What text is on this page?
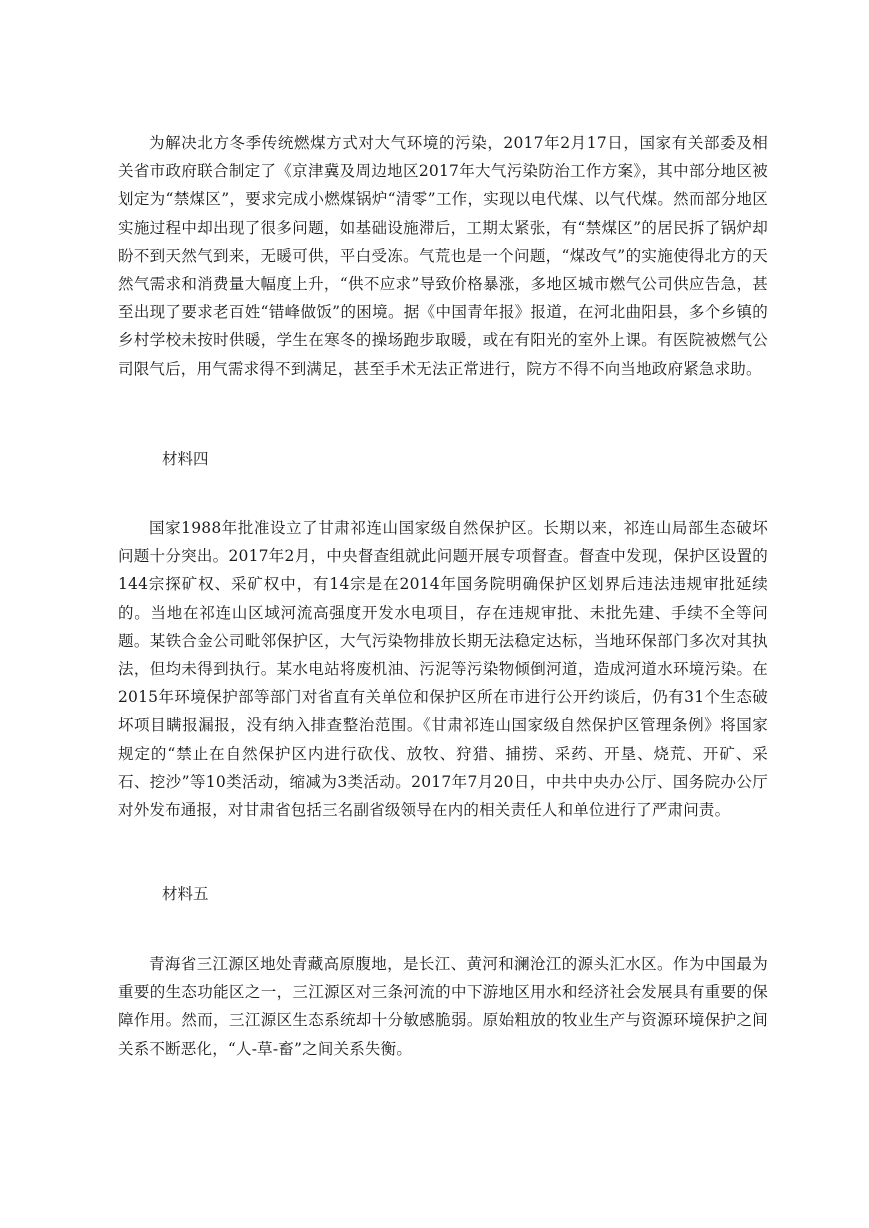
为解决北方冬季传统燃煤方式对大气环境的污染，2017年2月17日，国家有关部委及相关省市政府联合制定了《京津冀及周边地区2017年大气污染防治工作方案》，其中部分地区被划定为“禁煤区”，要求完成小燃煤锅炉“清零”工作，实现以电代煤、以气代煤。然而部分地区实施过程中却出现了很多问题，如基础设施滞后，工期太紧张，有“禁煤区”的居民拆了锅炉却盼不到天然气到来，无暖可供，平白受冻。气荒也是一个问题，“煤改气”的实施使得北方的天然气需求和消费量大幅度上升，“供不应求”导致价格暴涨，多地区城市燃气公司供应告急，甚至出现了要求老百姓“错峰做饭”的困境。据《中国青年报》报道，在河北曲阳县，多个乡镇的乡村学校未按时供暖，学生在寒冬的操场跑步取暖，或在有阳光的室外上课。有医院被燃气公司限气后，用气需求得不到满足，甚至手术无法正常进行，院方不得不向当地政府紧急求助。

材料四

国家1988年批准设立了甘肃祁连山国家级自然保护区。长期以来，祁连山局部生态破坏问题十分突出。2017年2月，中央督查组就此问题开展专项督查。督查中发现，保护区设置的144宗探矿权、采矿权中，有14宗是在2014年国务院明确保护区划界后违法违规审批延续的。当地在祁连山区域河流高强度开发水电项目，存在违规审批、未批先建、手续不全等问题。某铁合金公司毗邻保护区，大气污染物排放长期无法稳定达标，当地环保部门多次对其执法，但均未得到执行。某水电站将废机油、污泥等污染物倾倒河道，造成河道水环境污染。在2015年环境保护部等部门对省直有关单位和保护区所在市进行公开约谈后，仍有31个生态破坏项目瞒报漏报，没有纳入排查整治范围。《甘肃祁连山国家级自然保护区管理条例》将国家规定的“禁止在自然保护区内进行砍伐、放牧、狩猎、捕捞、采药、开垦、烧荒、开矿、采石、挖沙”等10类活动，缩减为3类活动。2017年7月20日，中共中央办公厅、国务院办公厅对外发布通报，对甘肃省包括三名副省级领导在内的相关责任人和单位进行了严肃问责。

材料五

青海省三江源区地处青藏高原腹地，是长江、黄河和澜沧江的源头汇水区。作为中国最为重要的生态功能区之一，三江源区对三条河流的中下游地区用水和经济社会发展具有重要的保障作用。然而，三江源区生态系统却十分敏感脆弱。原始粗放的牧业生产与资源环境保护之间关系不断恶化，“人-草-畜”之间关系失衡。
